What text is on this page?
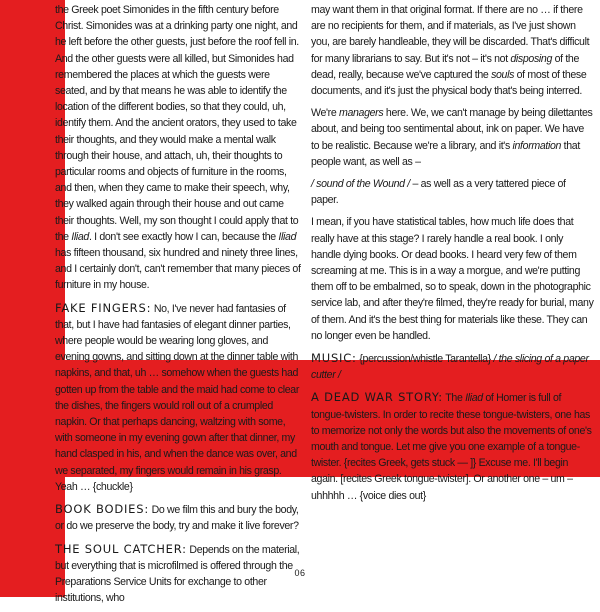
the Greek poet Simonides in the fifth century before Christ. Simonides was at a drinking party one night, and he left before the other guests, just before the roof fell in. And the other guests were all killed, but Simonides had remembered the places at which the guests were seated, and by that means he was able to identify the location of the different bodies, so that they could, uh, identify them. And the ancient orators, they used to take their thoughts, and they would make a mental walk through their house, and attach, uh, their thoughts to particular rooms and objects of furniture in the rooms, and then, when they came to make their speech, why, they walked again through their house and out came their thoughts. Well, my son thought I could apply that to the Iliad. I don't see exactly how I can, because the Iliad has fifteen thousand, six hundred and ninety three lines, and I certainly don't, can't remember that many pieces of furniture in my house.

FAKE FINGERS: No, I've never had fantasies of that, but I have had fantasies of elegant dinner parties, where people would be wearing long gloves, and evening gowns, and sitting down at the dinner table with napkins, and that, uh … somehow when the guests had gotten up from the table and the maid had come to clear the dishes, the fingers would roll out of a crumpled napkin. Or that perhaps dancing, waltzing with some, with someone in my evening gown after that dinner, my hand clasped in his, and when the dance was over, and we separated, my fingers would remain in his grasp. Yeah … {chuckle}

BOOK BODIES: Do we film this and bury the body, or do we preserve the body, try and make it live forever?

THE SOUL CATCHER: Depends on the material, but everything that is microfilmed is offered through the Preparations Service Units for exchange to other institutions, who

may want them in that original format. If there are no … if there are no recipients for them, and if materials, as I've just shown you, are barely handleable, they will be discarded. That's difficult for many librarians to say. But it's not – it's not disposing of the dead, really, because we've captured the souls of most of these documents, and it's just the physical body that's being interred.

We're managers here. We, we can't manage by being dilettantes about, and being too sentimental about, ink on paper. We have to be realistic. Because we're a library, and it's information that people want, as well as –

/ sound of the Wound / – as well as a very tattered piece of paper.

I mean, if you have statistical tables, how much life does that really have at this stage? I rarely handle a real book. I only handle dying books. Or dead books. I heard very few of them screaming at me. This is in a way a morgue, and we're putting them off to be embalmed, so to speak, down in the photographic service lab, and after they're filmed, they're ready for burial, many of them. And it's the best thing for materials like these. They can no longer even be handled.

MUSIC: {percussion/whistle Tarantella} / the slicing of a paper cutter /

A DEAD WAR STORY: The Iliad of Homer is full of tongue-twisters. In order to recite these tongue-twisters, one has to memorize not only the words but also the movements of one's mouth and tongue. Let me give you one example of a tongue-twister. {recites Greek, gets stuck — ]} Excuse me. I'll begin again. [recites Greek tongue-twister]. Or another one – um – uhhhhh … {voice dies out}

06
